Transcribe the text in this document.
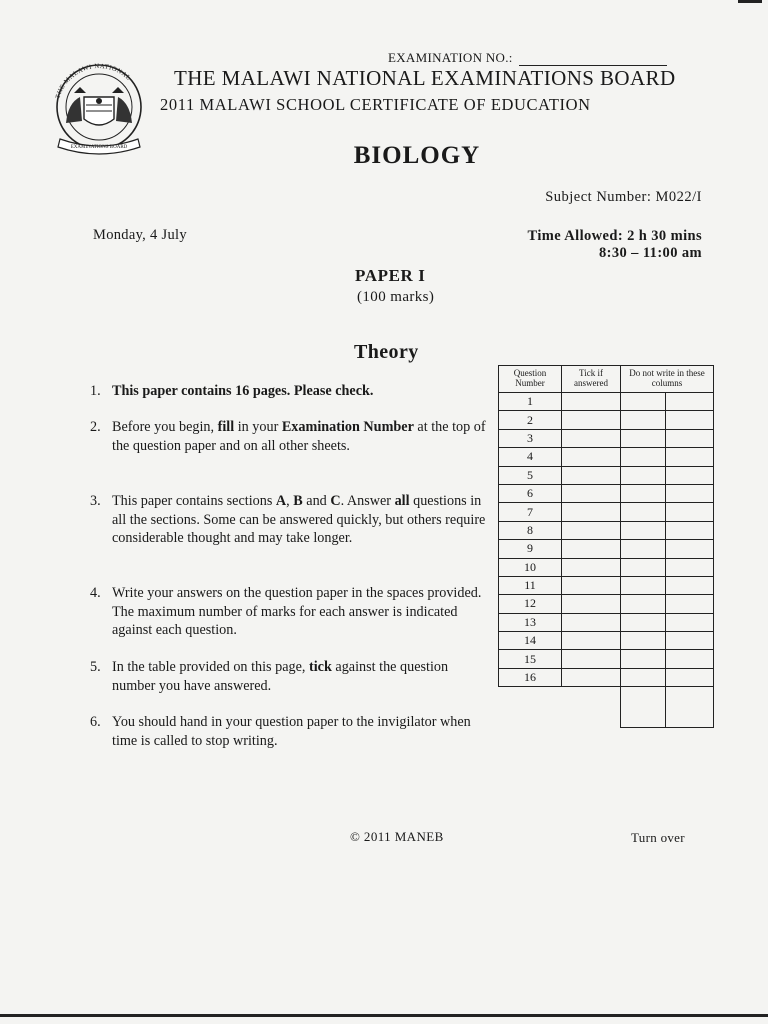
THE MALAWI NATIONAL
EXAMINATIONS BOARD
EXAMINATION NO.:
THE MALAWI NATIONAL EXAMINATIONS BOARD
2011 MALAWI SCHOOL CERTIFICATE OF EDUCATION
BIOLOGY
Subject Number: M022/I
Monday, 4 July	Time Allowed: 2 h 30 mins
8:30 – 11:00 am
PAPER I
(100 marks)
Theory
1. This paper contains 16 pages. Please check.
2. Before you begin, fill in your Examination Number at the top of the question paper and on all other sheets.
3. This paper contains sections A, B and C. Answer all questions in all the sections. Some can be answered quickly, but others require considerable thought and may take longer.
4. Write your answers on the question paper in the spaces provided. The maximum number of marks for each answer is indicated against each question.
5. In the table provided on this page, tick against the question number you have answered.
6. You should hand in your question paper to the invigilator when time is called to stop writing.
Question Number	Tick if answered	Do not write in these columns	
1			
2			
3			
4			
5			
6			
7			
8			
9			
10			
11			
12			
13			
14			
15			
16			

© 2011 MANEB	Turn over
